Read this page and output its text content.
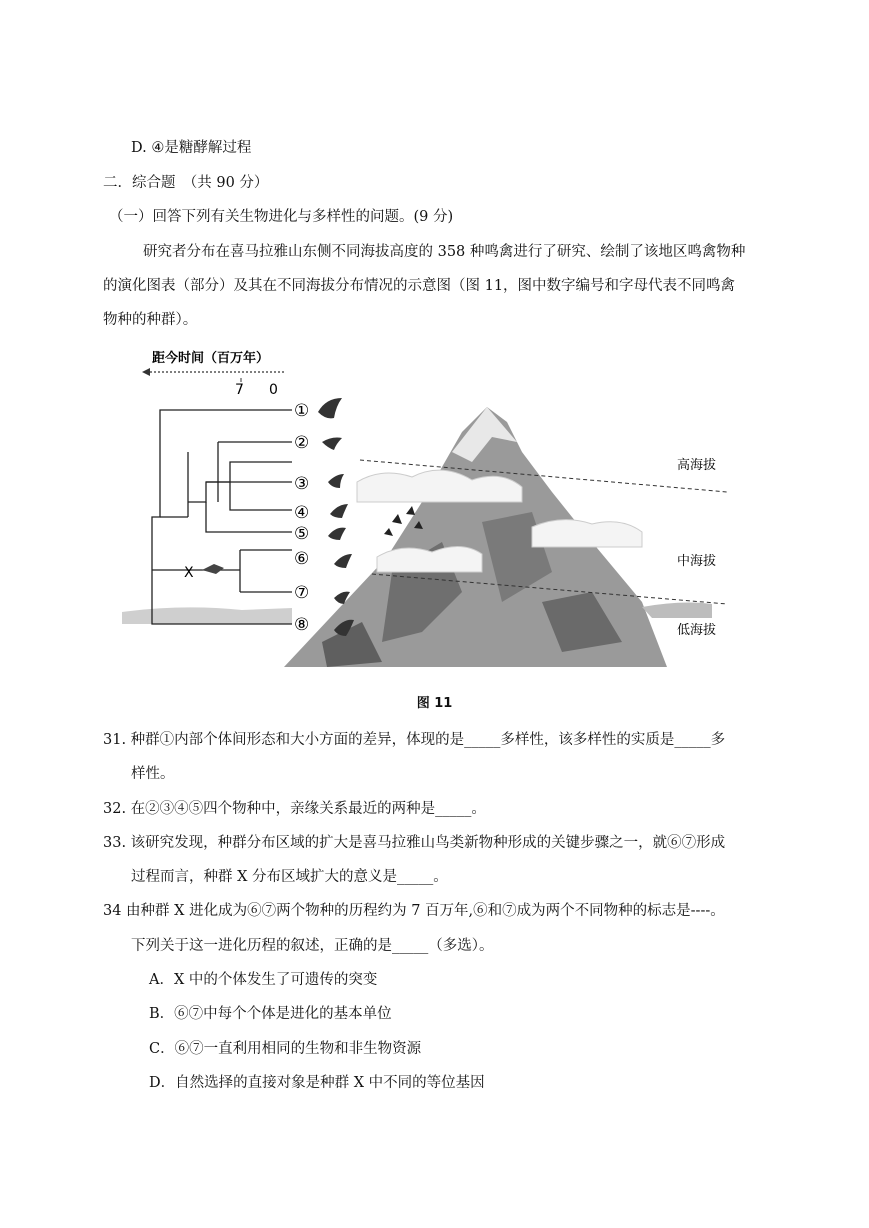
D. ④是糖酵解过程
二．综合题　（共 90 分）
（一）回答下列有关生物进化与多样性的问题。(9 分)
研究者分布在喜马拉雅山东侧不同海拔高度的 358 种鸣禽进行了研究、绘制了该地区鸣禽物种
的演化图表（部分）及其在不同海拔分布情况的示意图（图 11，图中数字编号和字母代表不同鸣禽
物种的种群）。
距今时间（百万年）
7 0
高海拔
中海拔
低海拔
X
①
②
③
④
⑤
⑥
⑦
⑧
图 11
31. 种群①内部个体间形态和大小方面的差异，体现的是_____多样性，该多样性的实质是_____多
样性。
32. 在②③④⑤四个物种中，亲缘关系最近的两种是_____。
33. 该研究发现，种群分布区域的扩大是喜马拉雅山鸟类新物种形成的关键步骤之一，就⑥⑦形成
过程而言，种群 X 分布区域扩大的意义是_____。
34 由种群 X 进化成为⑥⑦两个物种的历程约为 7 百万年,⑥和⑦成为两个不同物种的标志是----。
下列关于这一进化历程的叙述，正确的是_____（多选）。
A．X 中的个体发生了可遗传的突变
B．⑥⑦中每个个体是进化的基本单位
C．⑥⑦一直利用相同的生物和非生物资源
D．自然选择的直接对象是种群 X 中不同的等位基因
